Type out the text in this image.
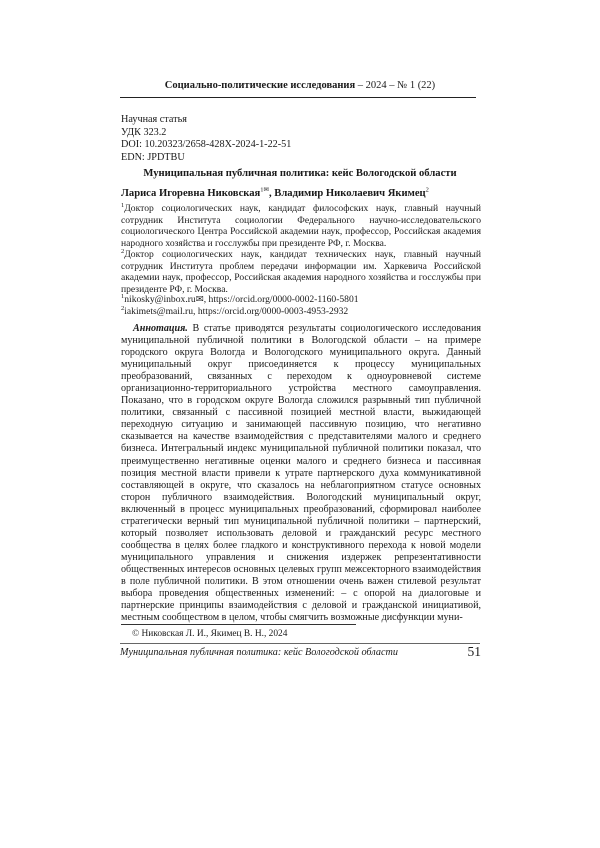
Социально-политические исследования – 2024 – № 1 (22)
Научная статья
УДК 323.2
DOI: 10.20323/2658-428X-2024-1-22-51
EDN: JPDTBU
Муниципальная публичная политика: кейс Вологодской области
Лариса Игоревна Никовская$^{1✉}$, Владимир Николаевич Якимец$^2$
$^1$Доктор социологических наук, кандидат философских наук, главный научный сотрудник Института социологии Федерального научно-исследовательского социологического Центра Российской академии наук, профессор, Российская академия народного хозяйства и госслужбы при президенте РФ, г. Москва.
$^2$Доктор социологических наук, кандидат технических наук, главный научный сотрудник Института проблем передачи информации им. Харкевича Российской академии наук, профессор, Российская академия народного хозяйства и госслужбы при президенте РФ, г. Москва.
$^1$nikosky@inbox.ru✉, https://orcid.org/0000-0002-1160-5801
$^2$iakimets@mail.ru, https://orcid.org/0000-0003-4953-2932
Аннотация. В статье приводятся результаты социологического исследования муниципальной публичной политики в Вологодской области – на примере городского округа Вологда и Вологодского муниципального округа. Данный муниципальный округ присоединяется к процессу муниципальных преобразований, связанных с переходом к одноуровневой системе организационно-территориального устройства местного самоуправления. Показано, что в городском округе Вологда сложился разрывный тип публичной политики, связанный с пассивной позицией местной власти, выжидающей переходную ситуацию и занимающей пассивную позицию, что негативно сказывается на качестве взаимодействия с представителями малого и среднего бизнеса. Интегральный индекс муниципальной публичной политики показал, что преимущественно негативные оценки малого и среднего бизнеса и пассивная позиция местной власти привели к утрате партнерского духа коммуникативной составляющей в округе, что сказалось на неблагоприятном статусе основных сторон публичного взаимодействия. Вологодский муниципальный округ, включенный в процесс муниципальных преобразований, сформировал наиболее стратегически верный тип муниципальной публичной политики – партнерский, который позволяет использовать деловой и гражданский ресурс местного сообщества в целях более гладкого и конструктивного перехода к новой модели муниципального управления и снижения издержек репрезентативности общественных интересов основных целевых групп межсекторного взаимодействия в поле публичной политики. В этом отношении очень важен стилевой результат выбора проведения общественных изменений: – с опорой на диалоговые и партнерские принципы взаимодействия с деловой и гражданской инициативой, местным сообществом в целом, чтобы смягчить возможные дисфункции муни-
© Никовская Л. И., Якимец В. Н., 2024
Муниципальная публичная политика: кейс Вологодской области	51
